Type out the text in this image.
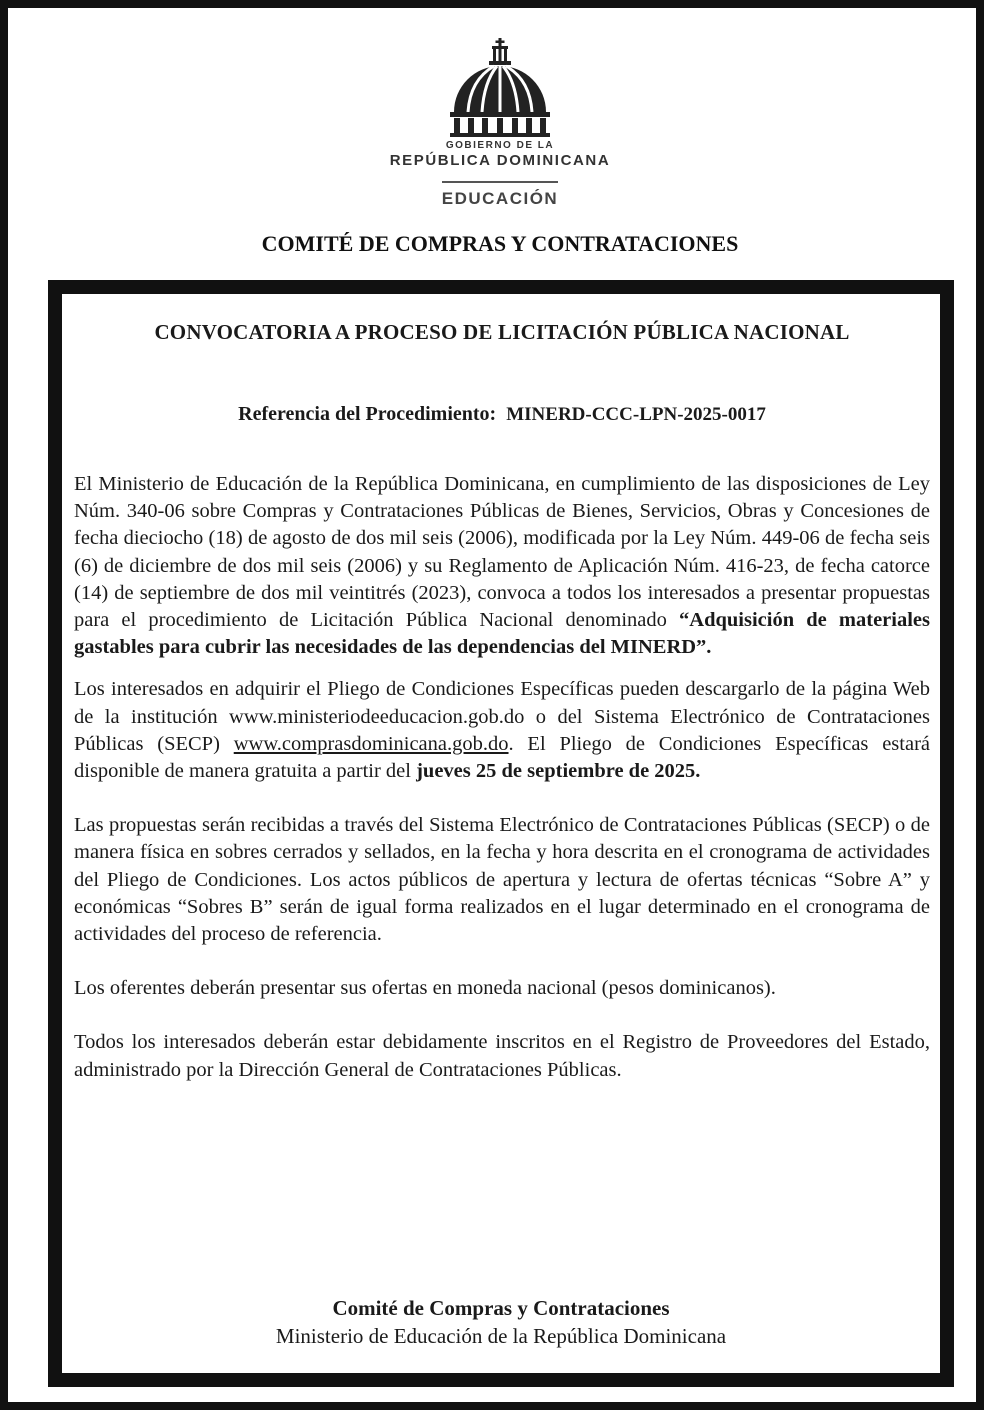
GOBIERNO DE LA
REPÚBLICA DOMINICANA
EDUCACIÓN
COMITÉ DE COMPRAS Y CONTRATACIONES
CONVOCATORIA A PROCESO DE LICITACIÓN PÚBLICA NACIONAL
Referencia del Procedimiento: MINERD-CCC-LPN-2025-0017

El Ministerio de Educación de la República Dominicana, en cumplimiento de las disposiciones de Ley Núm. 340-06 sobre Compras y Contrataciones Públicas de Bienes, Servicios, Obras y Concesiones de fecha dieciocho (18) de agosto de dos mil seis (2006), modificada por la Ley Núm. 449-06 de fecha seis (6) de diciembre de dos mil seis (2006) y su Reglamento de Aplicación Núm. 416-23, de fecha catorce (14) de septiembre de dos mil veintitrés (2023), convoca a todos los interesados a presentar propuestas para el procedimiento de Licitación Pública Nacional denominado “Adquisición de materiales gastables para cubrir las necesidades de las dependencias del MINERD”.

Los interesados en adquirir el Pliego de Condiciones Específicas pueden descargarlo de la página Web de la institución www.ministeriodeeducacion.gob.do o del Sistema Electrónico de Contrataciones Públicas (SECP) www.comprasdominicana.gob.do. El Pliego de Condiciones Específicas estará disponible de manera gratuita a partir del jueves 25 de septiembre de 2025.

Las propuestas serán recibidas a través del Sistema Electrónico de Contrataciones Públicas (SECP) o de manera física en sobres cerrados y sellados, en la fecha y hora descrita en el cronograma de actividades del Pliego de Condiciones. Los actos públicos de apertura y lectura de ofertas técnicas “Sobre A” y económicas “Sobres B” serán de igual forma realizados en el lugar determinado en el cronograma de actividades del proceso de referencia.

Los oferentes deberán presentar sus ofertas en moneda nacional (pesos dominicanos).

Todos los interesados deberán estar debidamente inscritos en el Registro de Proveedores del Estado, administrado por la Dirección General de Contrataciones Públicas.

Comité de Compras y Contrataciones
Ministerio de Educación de la República Dominicana
